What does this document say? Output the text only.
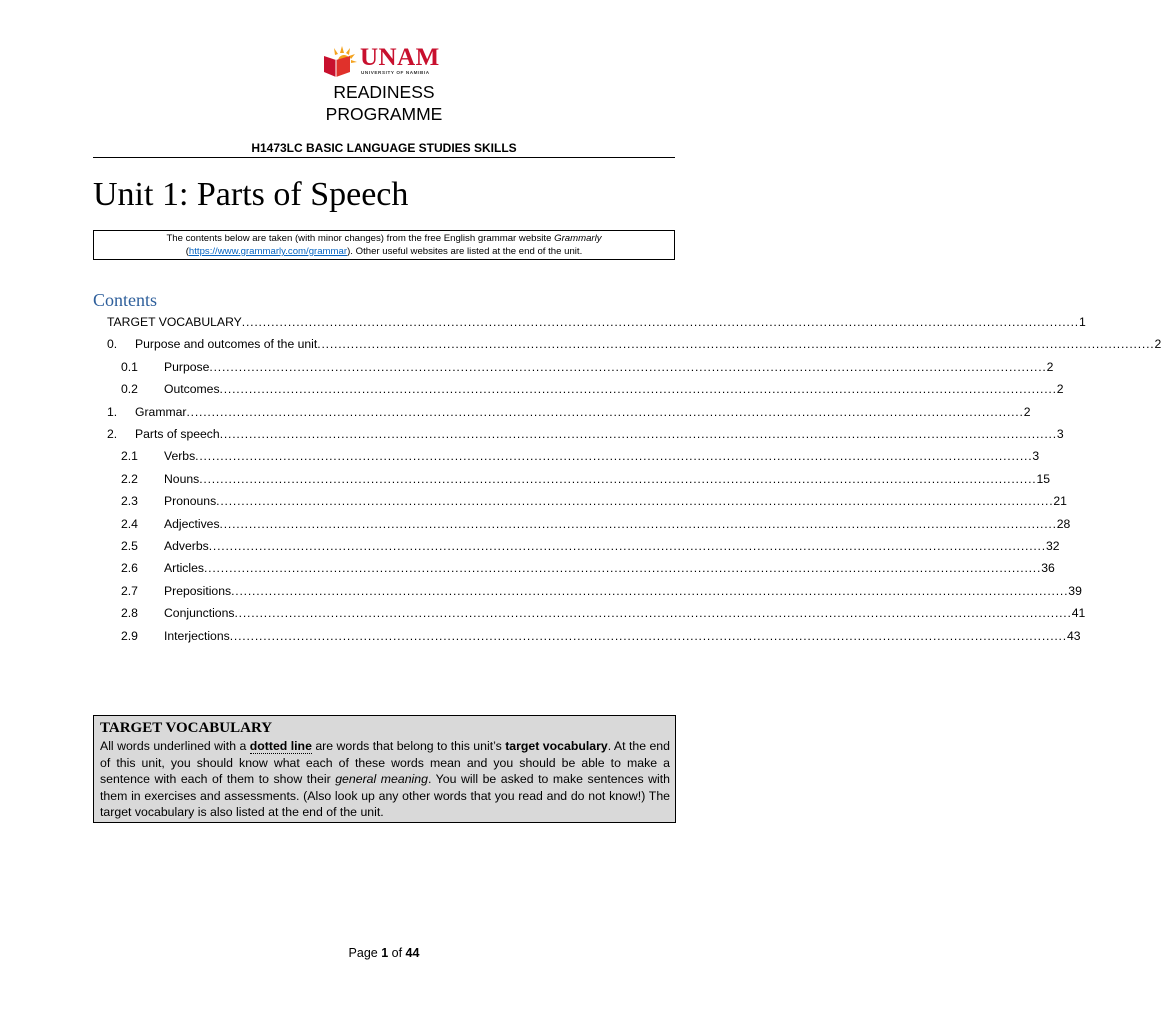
UNAM
UNIVERSITY OF NAMIBIA
READINESS
PROGRAMME
H1473LC BASIC LANGUAGE STUDIES SKILLS
Unit 1: Parts of Speech
The contents below are taken (with minor changes) from the free English grammar website Grammarly
(https://www.grammarly.com/grammar). Other useful websites are listed at the end of the unit.
Contents
TARGET VOCABULARY ........................................................................................................................................................................................................ 1
0. Purpose and outcomes of the unit ........................................................................................................................................................................................................ 2
0.1 Purpose ........................................................................................................................................................................................................ 2
0.2 Outcomes ........................................................................................................................................................................................................ 2
1. Grammar ........................................................................................................................................................................................................ 2
2. Parts of speech ........................................................................................................................................................................................................ 3
2.1 Verbs ........................................................................................................................................................................................................ 3
2.2 Nouns ........................................................................................................................................................................................................ 15
2.3 Pronouns ........................................................................................................................................................................................................ 21
2.4 Adjectives ........................................................................................................................................................................................................ 28
2.5 Adverbs ........................................................................................................................................................................................................ 32
2.6 Articles ........................................................................................................................................................................................................ 36
2.7 Prepositions ........................................................................................................................................................................................................ 39
2.8 Conjunctions ........................................................................................................................................................................................................ 41
2.9 Interjections ........................................................................................................................................................................................................ 43
TARGET VOCABULARY
All words underlined with a dotted line are words that belong to this unit’s target vocabulary. At the end of this unit, you should know what each of these words mean and you should be able to make a sentence with each of them to show their general meaning. You will be asked to make sentences with them in exercises and assessments. (Also look up any other words that you read and do not know!) The target vocabulary is also listed at the end of the unit.
Page 1 of 44
